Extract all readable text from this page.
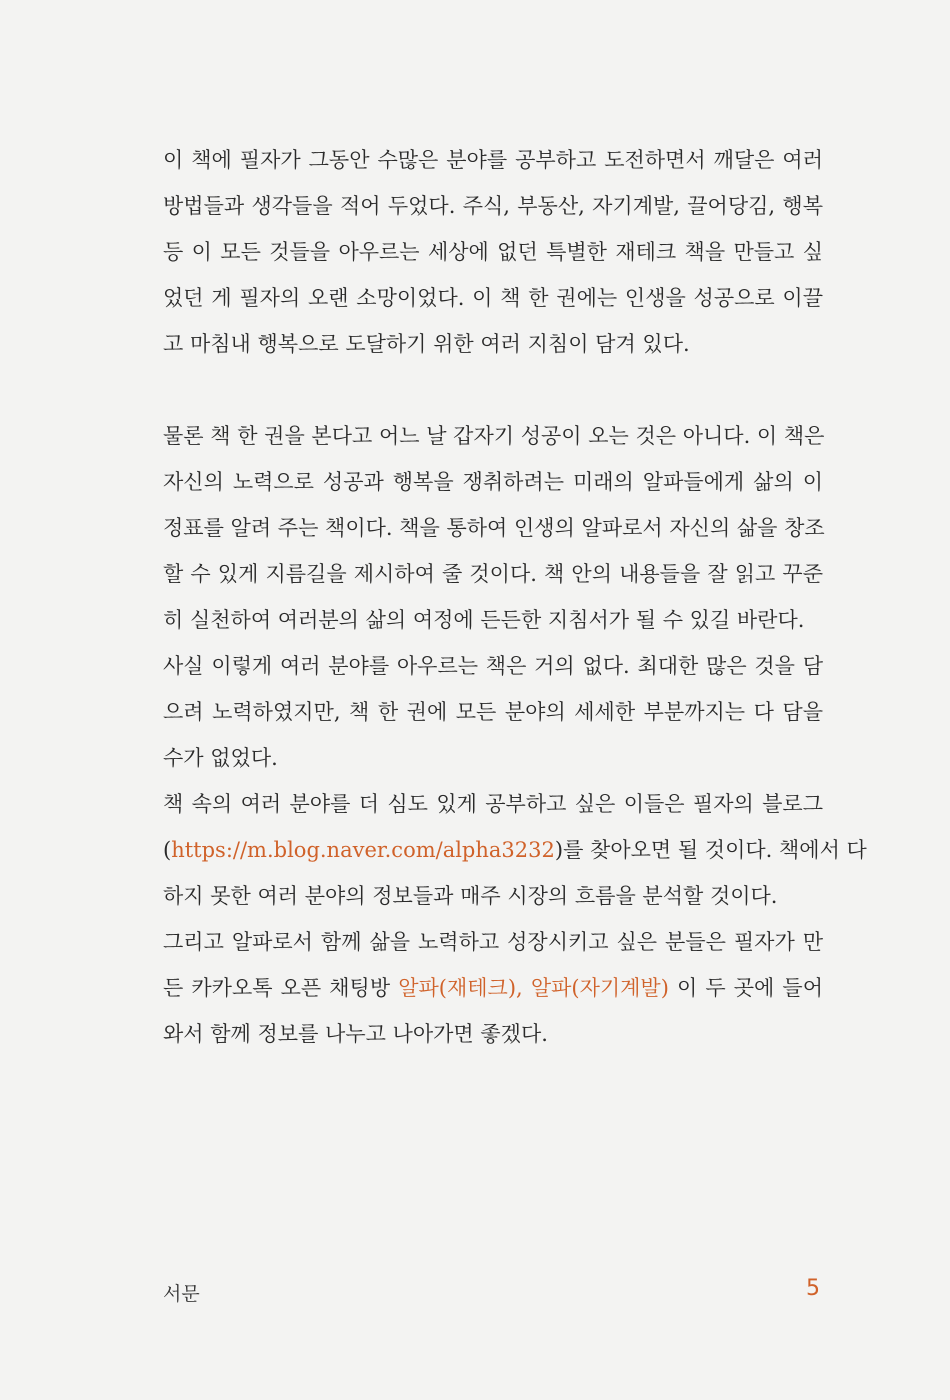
이 책에 필자가 그동안 수많은 분야를 공부하고 도전하면서 깨달은 여러
방법들과 생각들을 적어 두었다. 주식, 부동산, 자기계발, 끌어당김, 행복
등 이 모든 것들을 아우르는 세상에 없던 특별한 재테크 책을 만들고 싶
었던 게 필자의 오랜 소망이었다. 이 책 한 권에는 인생을 성공으로 이끌
고 마침내 행복으로 도달하기 위한 여러 지침이 담겨 있다.
물론 책 한 권을 본다고 어느 날 갑자기 성공이 오는 것은 아니다. 이 책은
자신의 노력으로 성공과 행복을 쟁취하려는 미래의 알파들에게 삶의 이
정표를 알려 주는 책이다. 책을 통하여 인생의 알파로서 자신의 삶을 창조
할 수 있게 지름길을 제시하여 줄 것이다. 책 안의 내용들을 잘 읽고 꾸준
히 실천하여 여러분의 삶의 여정에 든든한 지침서가 될 수 있길 바란다.
사실 이렇게 여러 분야를 아우르는 책은 거의 없다. 최대한 많은 것을 담
으려 노력하였지만, 책 한 권에 모든 분야의 세세한 부분까지는 다 담을
수가 없었다.
책 속의 여러 분야를 더 심도 있게 공부하고 싶은 이들은 필자의 블로그
(https://m.blog.naver.com/alpha3232)를 찾아오면 될 것이다. 책에서 다
하지 못한 여러 분야의 정보들과 매주 시장의 흐름을 분석할 것이다.
그리고 알파로서 함께 삶을 노력하고 성장시키고 싶은 분들은 필자가 만
든 카카오톡 오픈 채팅방 알파(재테크), 알파(자기계발) 이 두 곳에 들어
와서 함께 정보를 나누고 나아가면 좋겠다.
서문	5
